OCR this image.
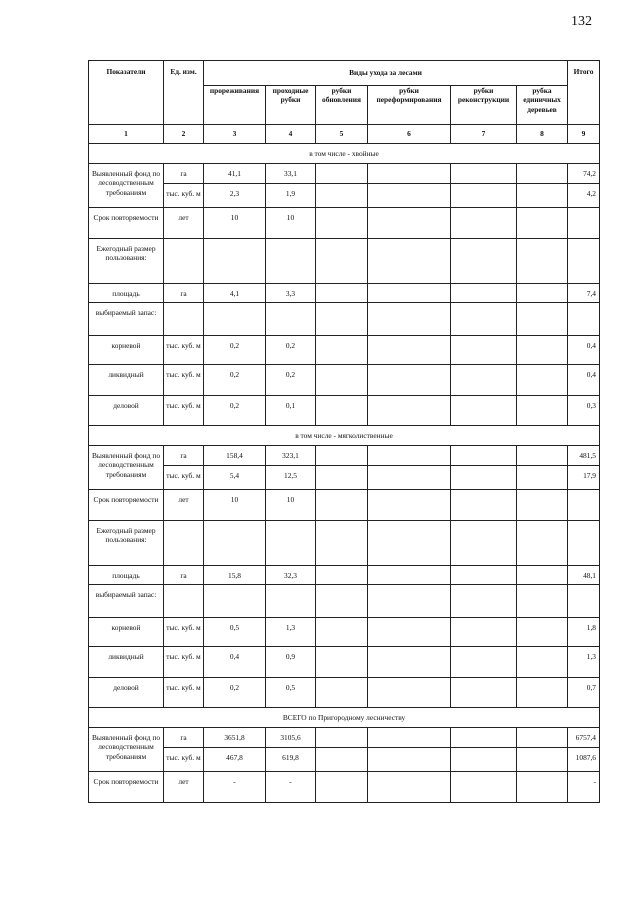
132
Показатели	Ед. изм.	Виды ухода за лесами						Итого
		прореживания	проходные рубки	рубки обновления	рубки переформирования	рубки реконструкции	рубка единичных деревьев	
1	2	3	4	5	6	7	8	9
в том числе - хвойные								
Выявленный фонд по лесоводственным требованиям	га	41,1	33,1					74,2
	тыс. куб. м	2,3	1,9					4,2
Срок повторяемости	лет	10	10					
Ежегодный размер пользования:								
площадь	га	4,1	3,3					7,4
выбираемый запас:								
корневой	тыс. куб. м	0,2	0,2					0,4
ликвидный	тыс. куб. м	0,2	0,2					0,4
деловой	тыс. куб. м	0,2	0,1					0,3
в том числе - мягколиственные								
Выявленный фонд по лесоводственным требованиям	га	158,4	323,1					481,5
	тыс. куб. м	5,4	12,5					17,9
Срок повторяемости	лет	10	10					
Ежегодный размер пользования:								
площадь	га	15,8	32,3					48,1
выбираемый запас:								
корневой	тыс. куб. м	0,5	1,3					1,8
ликвидный	тыс. куб. м	0,4	0,9					1,3
деловой	тыс. куб. м	0,2	0,5					0,7
ВСЕГО по Пригородному лесничеству								
Выявленный фонд по лесоводственным требованиям	га	3651,8	3105,6					6757,4
	тыс. куб. м	467,8	619,8					1087,6
Срок повторяемости	лет	-	-					-
